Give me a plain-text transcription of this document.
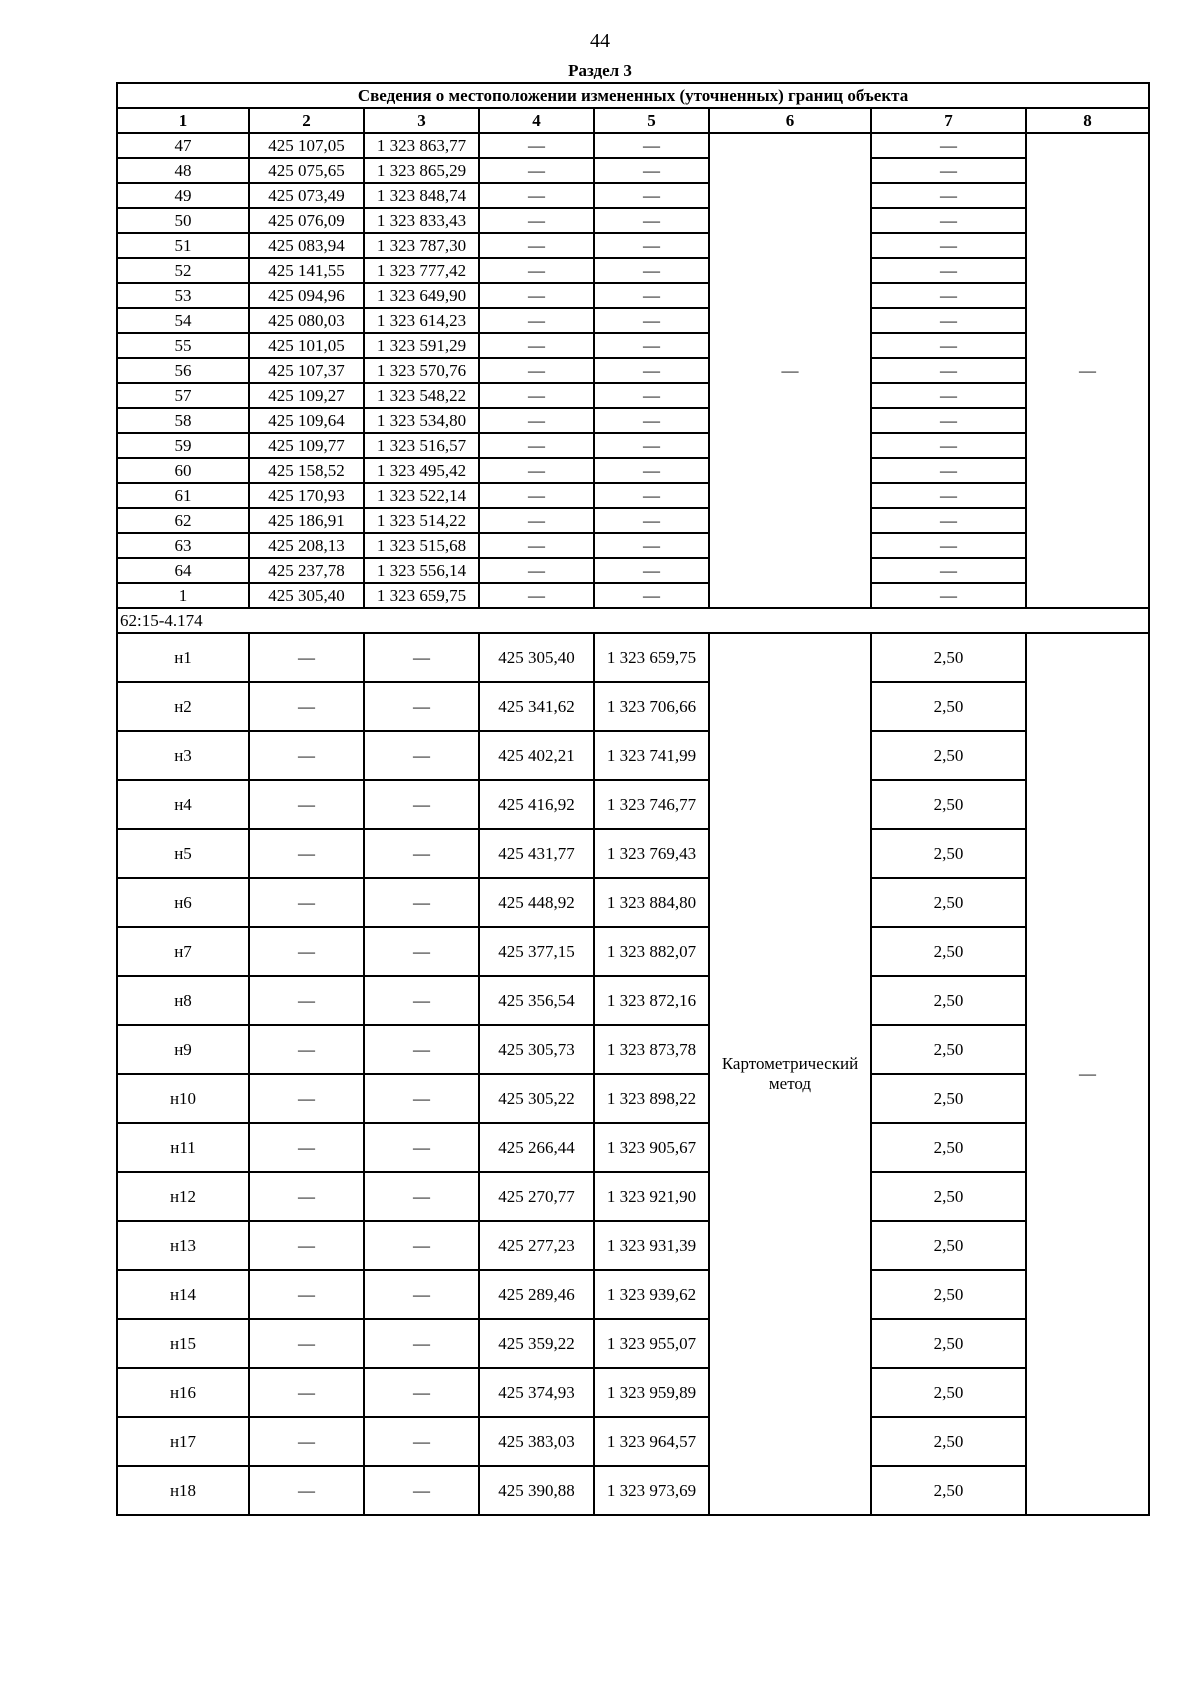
44
Раздел 3
Сведения о местоположении измененных (уточненных) границ объекта							
1	2	3	4	5	6	7	8
47	425 107,05	1 323 863,77	—	—	—	—	—
48	425 075,65	1 323 865,29	—	—		—	
49	425 073,49	1 323 848,74	—	—		—	
50	425 076,09	1 323 833,43	—	—		—	
51	425 083,94	1 323 787,30	—	—		—	
52	425 141,55	1 323 777,42	—	—		—	
53	425 094,96	1 323 649,90	—	—		—	
54	425 080,03	1 323 614,23	—	—		—	
55	425 101,05	1 323 591,29	—	—		—	
56	425 107,37	1 323 570,76	—	—		—	
57	425 109,27	1 323 548,22	—	—		—	
58	425 109,64	1 323 534,80	—	—		—	
59	425 109,77	1 323 516,57	—	—		—	
60	425 158,52	1 323 495,42	—	—		—	
61	425 170,93	1 323 522,14	—	—		—	
62	425 186,91	1 323 514,22	—	—		—	
63	425 208,13	1 323 515,68	—	—		—	
64	425 237,78	1 323 556,14	—	—		—	
1	425 305,40	1 323 659,75	—	—		—	
62:15-4.174							
н1	—	—	425 305,40	1 323 659,75	Картометрический метод	2,50	—
н2	—	—	425 341,62	1 323 706,66		2,50	
н3	—	—	425 402,21	1 323 741,99		2,50	
н4	—	—	425 416,92	1 323 746,77		2,50	
н5	—	—	425 431,77	1 323 769,43		2,50	
н6	—	—	425 448,92	1 323 884,80		2,50	
н7	—	—	425 377,15	1 323 882,07		2,50	
н8	—	—	425 356,54	1 323 872,16		2,50	
н9	—	—	425 305,73	1 323 873,78		2,50	
н10	—	—	425 305,22	1 323 898,22		2,50	
н11	—	—	425 266,44	1 323 905,67		2,50	
н12	—	—	425 270,77	1 323 921,90		2,50	
н13	—	—	425 277,23	1 323 931,39		2,50	
н14	—	—	425 289,46	1 323 939,62		2,50	
н15	—	—	425 359,22	1 323 955,07		2,50	
н16	—	—	425 374,93	1 323 959,89		2,50	
н17	—	—	425 383,03	1 323 964,57		2,50	
н18	—	—	425 390,88	1 323 973,69		2,50	
